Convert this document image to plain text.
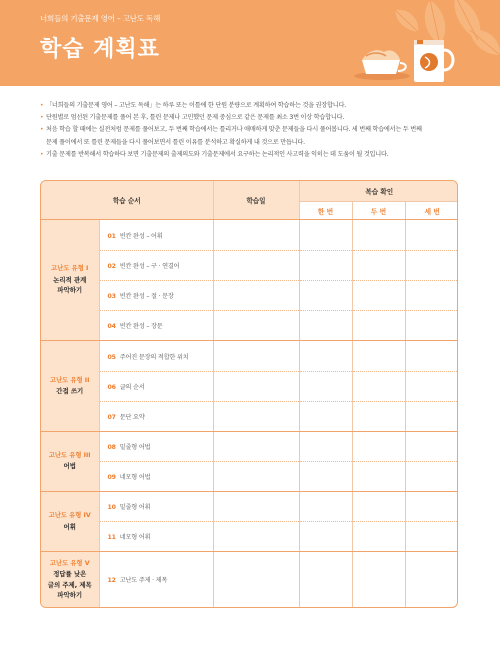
너희들의 기출문제 영어 – 고난도 독해
학습 계획표
• 「너희들의 기출문제 영어 – 고난도 독해」는 하루 또는 이틀에 한 단원 분량으로 계획하여 학습하는 것을 권장합니다.
• 단원별로 엄선된 기출문제를 풀어 본 후, 틀린 문제나 고민했던 문제 중심으로 같은 문제를 최소 3번 이상 학습합니다.
• 처음 학습 할 때에는 실전처럼 문제를 풀어보고, 두 번째 학습에서는 틀리거나 애매하게 맞춘 문제들을 다시 풀어봅니다. 세 번째 학습에서는 두 번째
문제 풀이에서 또 틀린 문제들을 다시 풀어보면서 틀린 이유를 분석하고 확실하게 내 것으로 만듭니다.
• 기출 문제를 반복해서 학습하다 보면 기출문제의 출제의도와 기출문제에서 요구하는 논리적인 사고력을 익히는 데 도움이 될 것입니다.
학습 순서		학습일	복습 확인		
			한 번	두 번	세 번

고난도 유형 I
논리적 관계
파악하기	01 빈칸 완성 – 어휘				
	02 빈칸 완성 – 구 · 연결어				
	03 빈칸 완성 – 절 · 문장				
	04 빈칸 완성 – 장문				

고난도 유형 II
간접 쓰기	05 주어진 문장의 적합한 위치				
	06 글의 순서				
	07 문단 요약				

고난도 유형 III
어법	08 밑줄형 어법				
	09 네모형 어법				

고난도 유형 IV
어휘	10 밑줄형 어휘				
	11 네모형 어휘				

고난도 유형 V
정답률 낮은
글의 주제, 제목
파악하기	12 고난도 주제 · 제목				
